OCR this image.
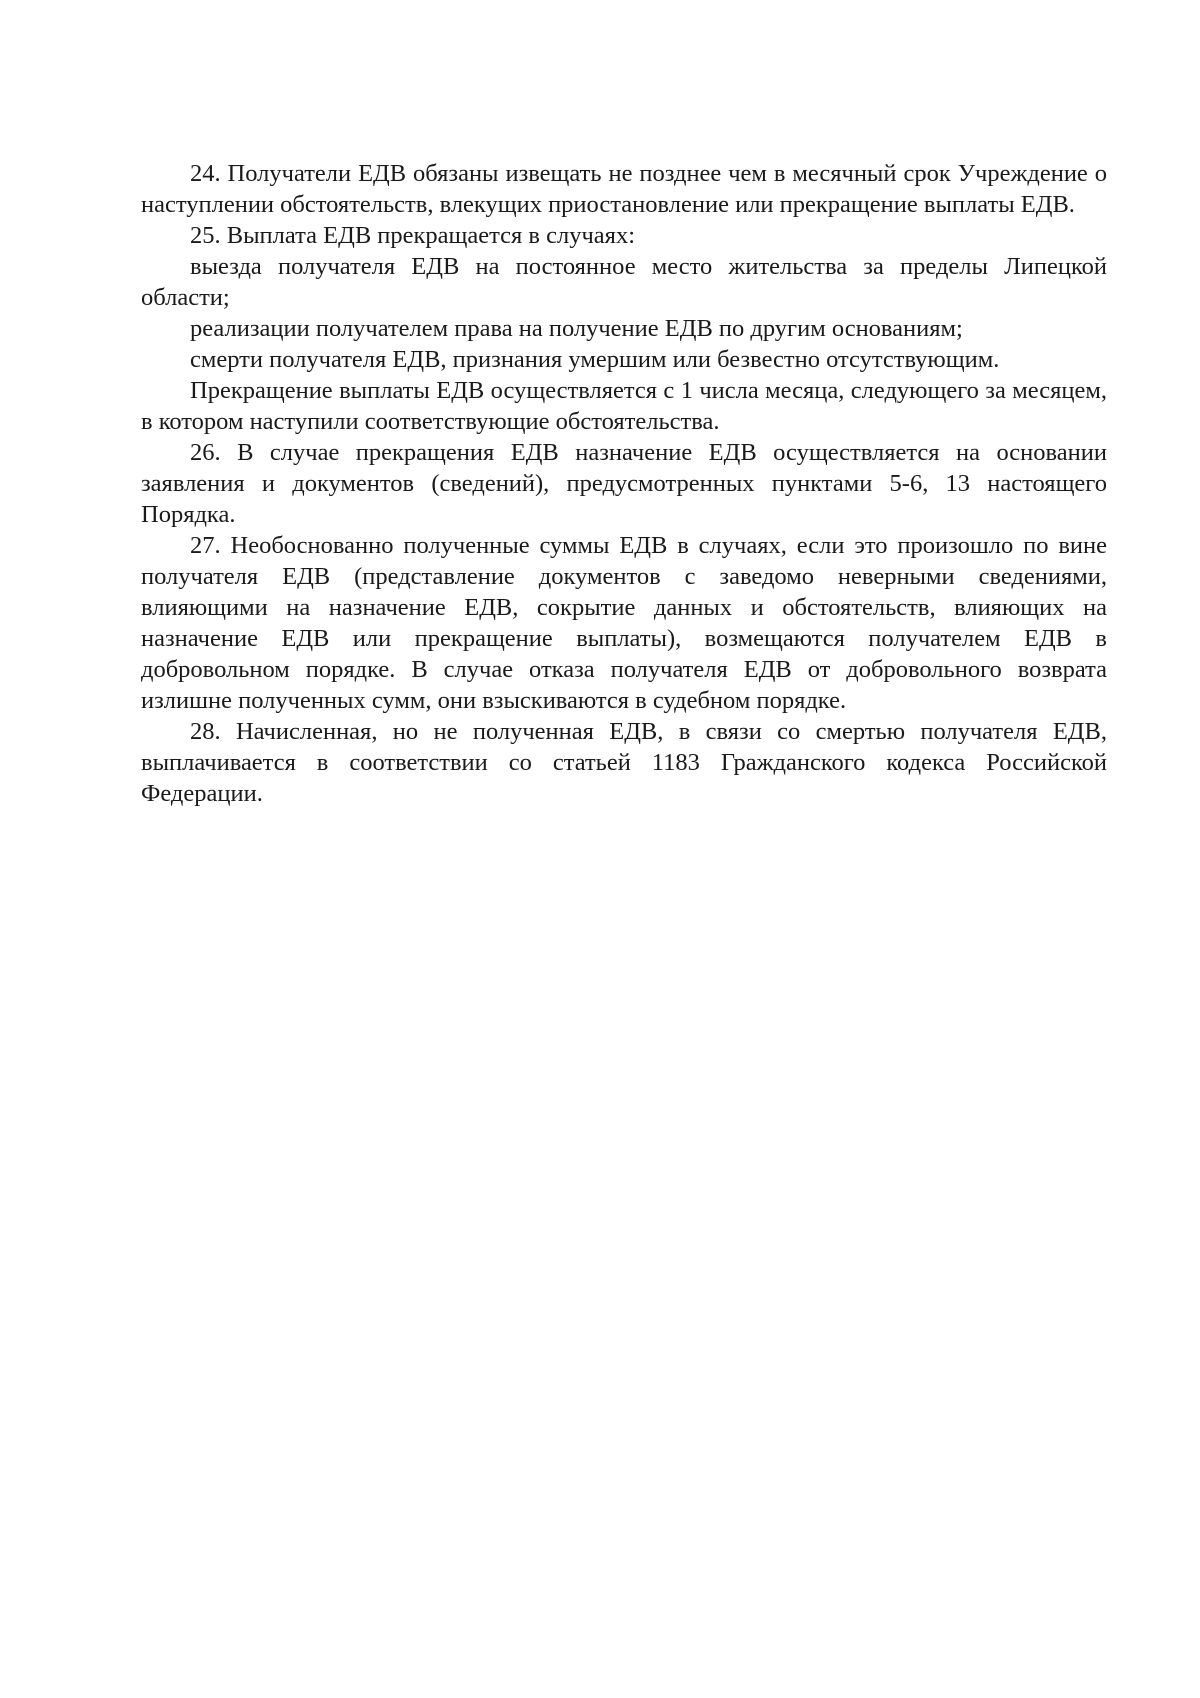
24. Получатели ЕДВ обязаны извещать не позднее чем в месячный срок Учреждение о наступлении обстоятельств, влекущих приостановление или прекращение выплаты ЕДВ.

25. Выплата ЕДВ прекращается в случаях:

выезда получателя ЕДВ на постоянное место жительства за пределы Липецкой области;

реализации получателем права на получение ЕДВ по другим основаниям;

смерти получателя ЕДВ, признания умершим или безвестно отсутствующим.

Прекращение выплаты ЕДВ осуществляется с 1 числа месяца, следующего за месяцем, в котором наступили соответствующие обстоятельства.

26. В случае прекращения ЕДВ назначение ЕДВ осуществляется на основании заявления и документов (сведений), предусмотренных пунктами 5-6, 13 настоящего Порядка.

27. Необоснованно полученные суммы ЕДВ в случаях, если это произошло по вине получателя ЕДВ (представление документов с заведомо неверными сведениями, влияющими на назначение ЕДВ, сокрытие данных и обстоятельств, влияющих на назначение ЕДВ или прекращение выплаты), возмещаются получателем ЕДВ в добровольном порядке. В случае отказа получателя ЕДВ от добровольного возврата излишне полученных сумм, они взыскиваются в судебном порядке.

28. Начисленная, но не полученная ЕДВ, в связи со смертью получателя ЕДВ, выплачивается в соответствии со статьей 1183 Гражданского кодекса Российской Федерации.
